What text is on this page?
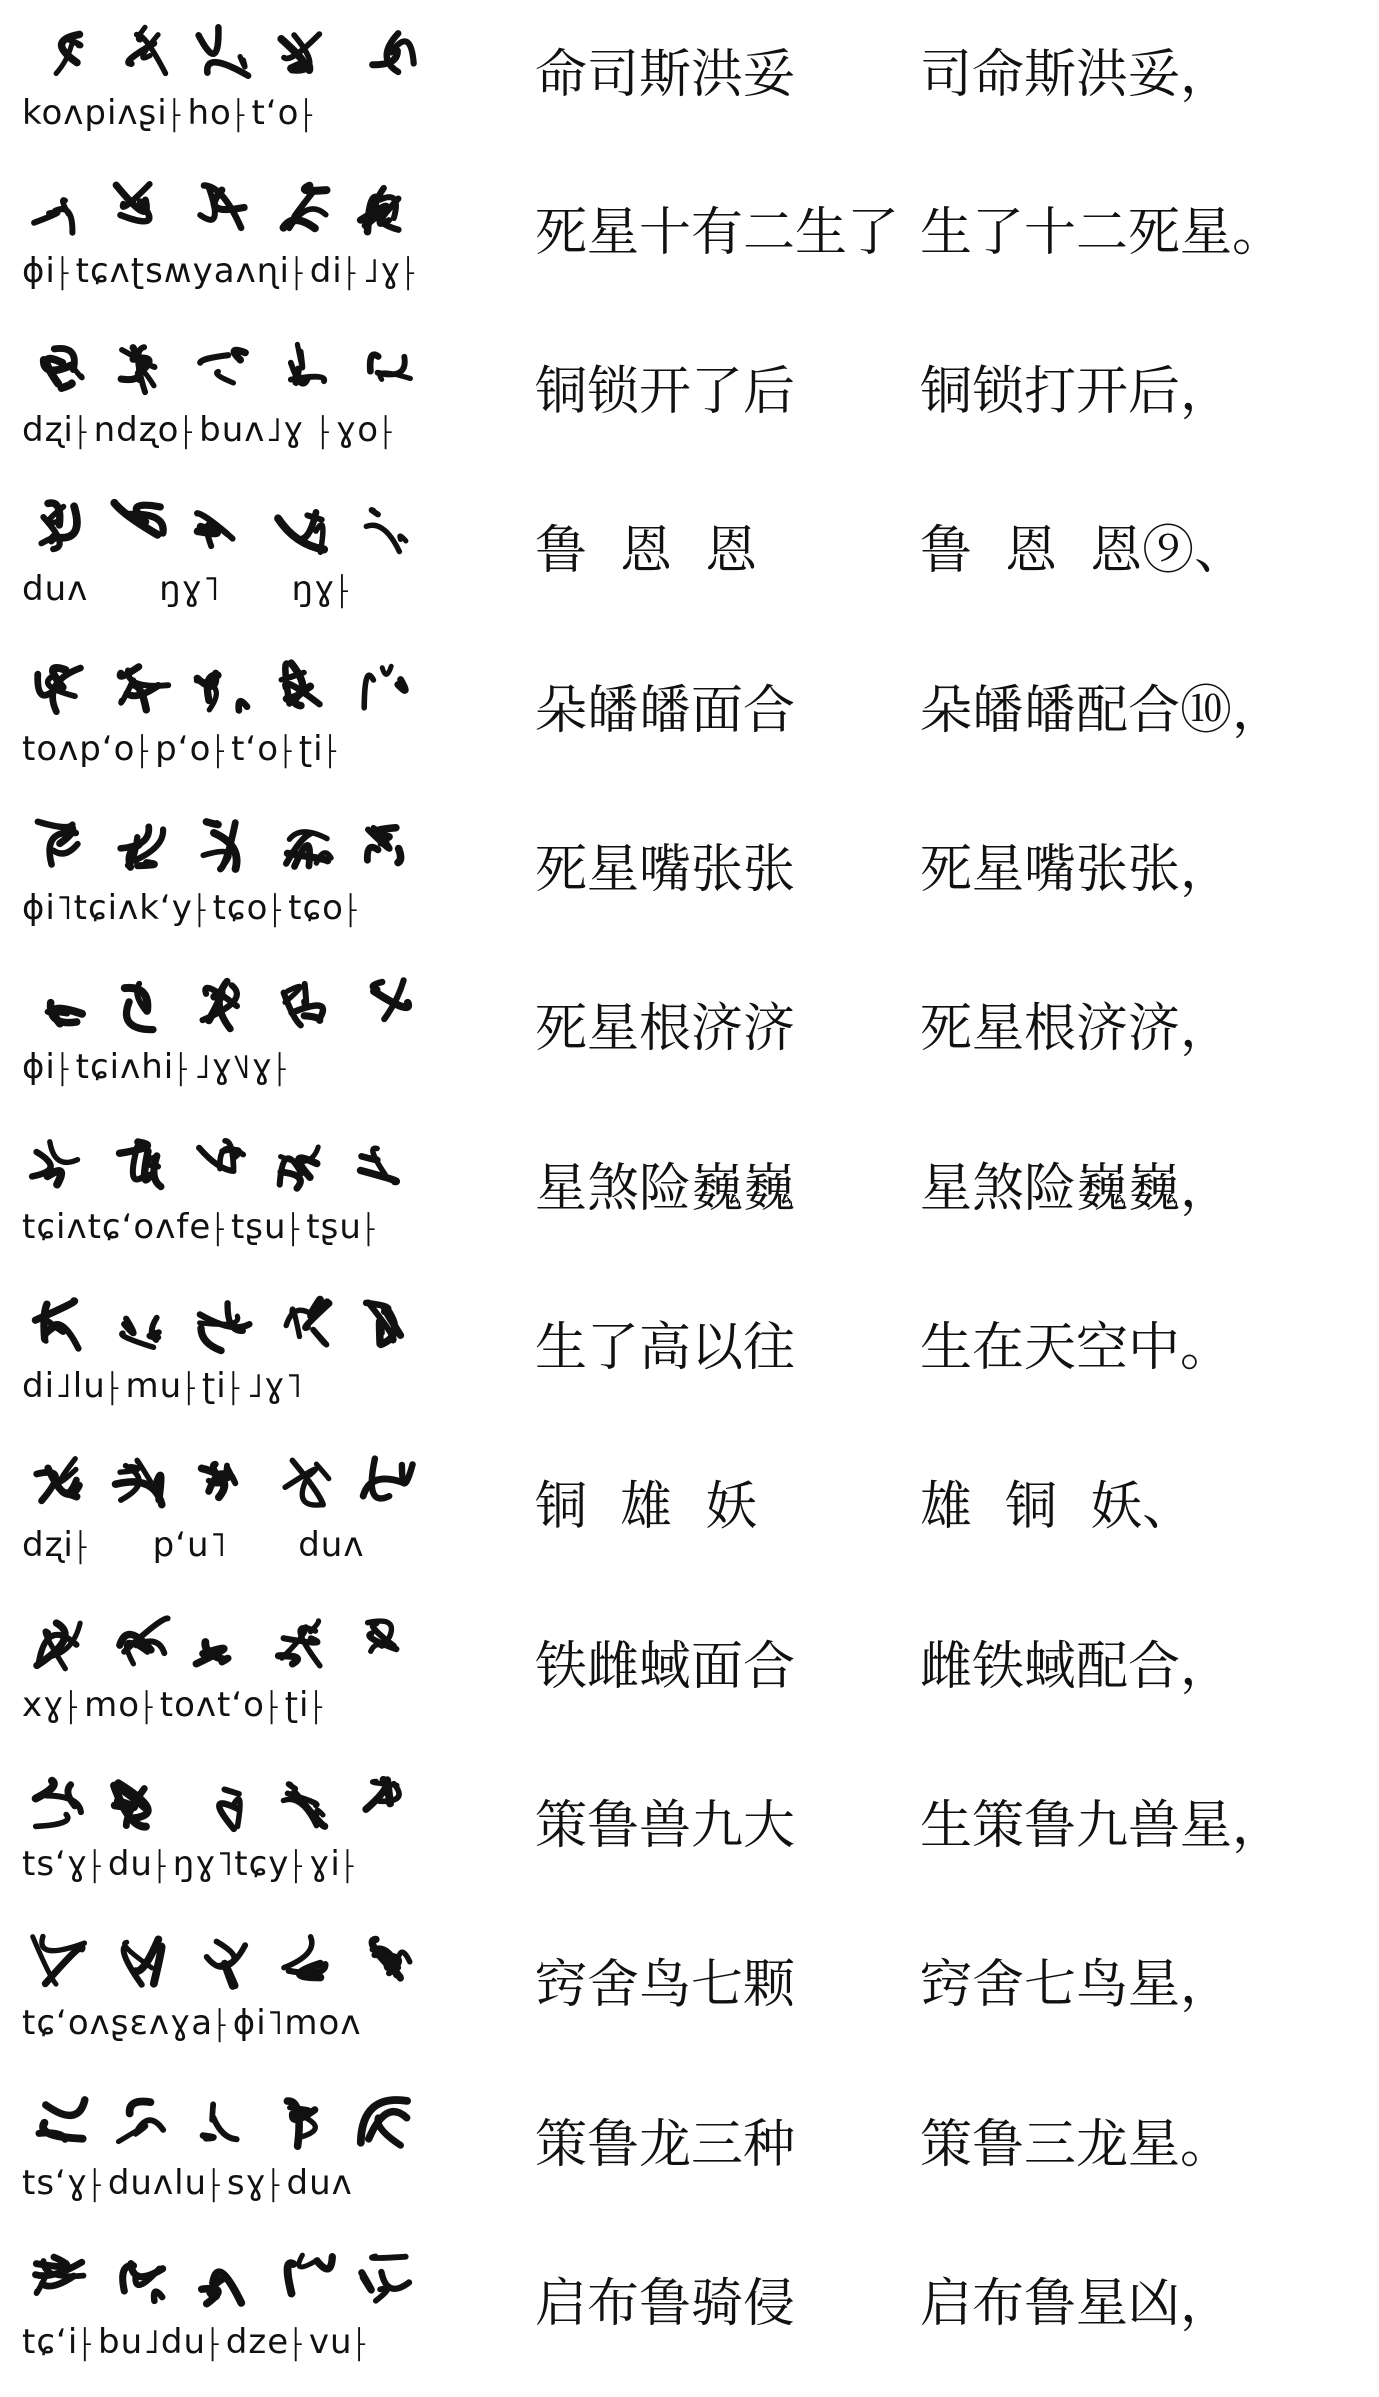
koʌpiʌʂi⸠ho⸠tʻo⸠
命司斯洪妥 司命斯洪妥，
ɸi⸠tɕʌʈsʍyaʌɳi⸠di⸠˩ɣ⸠
死星十有二生了 生了十二死星。
dʐi⸠ndʐo⸠buʌ˩ɣ ⸠ɣo⸠
铜锁开了后 铜锁打开后，
duʌ      ŋɣ˥      ŋɣ⸠
鲁  恩  恩	鲁  恩  恩⑨、
toʌpʻo⸠pʻo⸠tʻo⸠ʈi⸠
朵皤皤面合 朵皤皤配合⑩，
ɸi˥tɕiʌkʻy⸠tɕo⸠tɕo⸠
死星嘴张张 死星嘴张张，
ɸi⸠tɕiʌhi⸠˩ɣ˥˩ɣ⸠
死星根济济 死星根济济，
tɕiʌtɕʻoʌfe⸠tʂu⸠tʂu⸠
星煞险巍巍 星煞险巍巍，
di˩lu⸠mu⸠ʈi⸠˩ɣ˥
生了高以往 生在天空中。
dʐi⸠     pʻu˥      duʌ
铜  雄  妖	雄  铜  妖、
xɣ⸠mo⸠toʌtʻo⸠ʈi⸠
铁雌蜮面合 雌铁蜮配合，
tsʻɣ⸠du⸠ŋɣ˥tɕy⸠ɣi⸠
策鲁兽九大 生策鲁九兽星，
tɕʻoʌʂɛʌɣa⸠ɸi˥moʌ
窍舍鸟七颗 窍舍七鸟星，
tsʻɣ⸠duʌlu⸠sɣ⸠duʌ
策鲁龙三种 策鲁三龙星。
tɕʻi⸠bu˩du⸠dze⸠vu⸠
启布鲁骑侵 启布鲁星凶，
